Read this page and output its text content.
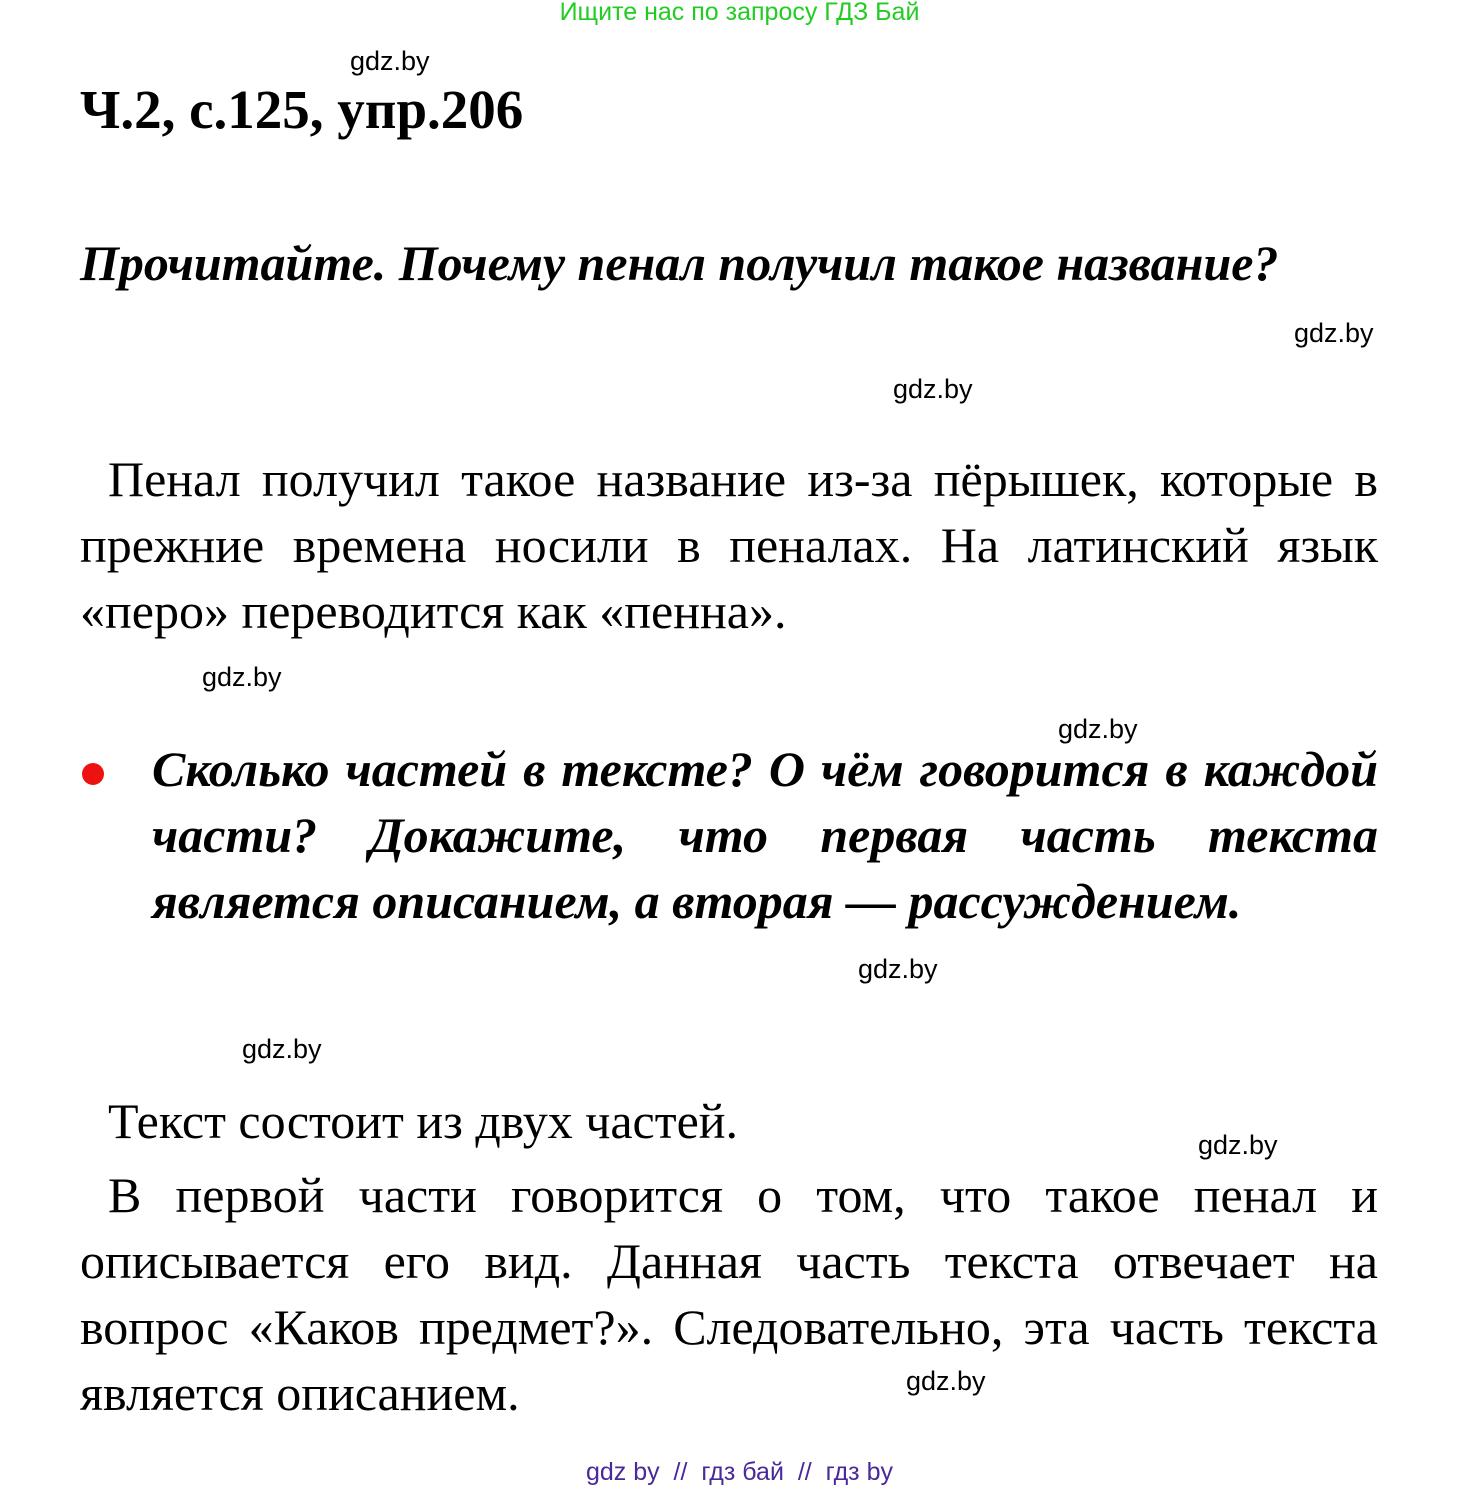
Ищите нас по запросу ГДЗ Бай
gdz.by
Ч.2, с.125, упр.206
Прочитайте. Почему пенал получил такое название?
gdz.by
gdz.by
Пенал получил такое название из-за пёрышек, которые в прежние времена носили в пеналах. На латинский язык «перо» переводится как «пенна».
gdz.by
gdz.by
Сколько частей в тексте? О чём говорится в каждой части? Докажите, что первая часть текста является описанием, а вторая — рассуждением.
gdz.by
gdz.by
Текст состоит из двух частей.	gdz.by
В первой части говорится о том, что такое пенал и описывается его вид. Данная часть текста отвечает на вопрос «Каков предмет?». Следовательно, эта часть текста является описанием.	gdz.by
gdz by  //  гдз бай  //  гдз by
